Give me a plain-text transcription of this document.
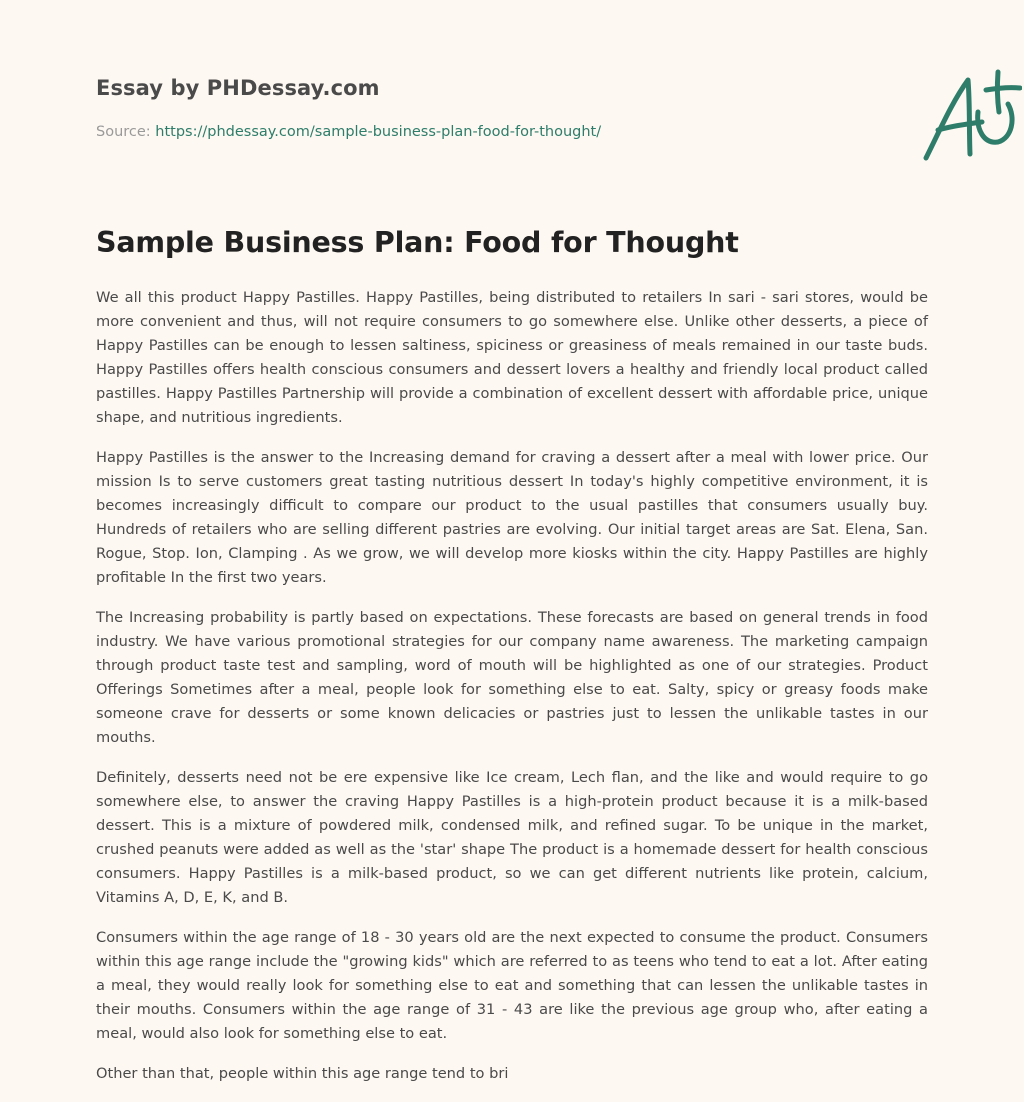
Essay by PHDessay.com
Source: https://phdessay.com/sample-business-plan-food-for-thought/
Sample Business Plan: Food for Thought

We all this product Happy Pastilles. Happy Pastilles, being distributed to retailers In sari - sari stores, would be more convenient and thus, will not require consumers to go somewhere else. Unlike other desserts, a piece of Happy Pastilles can be enough to lessen saltiness, spiciness or greasiness of meals remained in our taste buds. Happy Pastilles offers health conscious consumers and dessert lovers a healthy and friendly local product called pastilles. Happy Pastilles Partnership will provide a combination of excellent dessert with affordable price, unique shape, and nutritious ingredients.

Happy Pastilles is the answer to the Increasing demand for craving a dessert after a meal with lower price. Our mission Is to serve customers great tasting nutritious dessert In today's highly competitive environment, it is becomes increasingly difficult to compare our product to the usual pastilles that consumers usually buy. Hundreds of retailers who are selling different pastries are evolving. Our initial target areas are Sat. Elena, San. Rogue, Stop. Ion, Clamping . As we grow, we will develop more kiosks within the city. Happy Pastilles are highly profitable In the first two years.

The Increasing probability is partly based on expectations. These forecasts are based on general trends in food industry. We have various promotional strategies for our company name awareness. The marketing campaign through product taste test and sampling, word of mouth will be highlighted as one of our strategies. Product Offerings Sometimes after a meal, people look for something else to eat. Salty, spicy or greasy foods make someone crave for desserts or some known delicacies or pastries just to lessen the unlikable tastes in our mouths.

Definitely, desserts need not be ere expensive like Ice cream, Lech flan, and the like and would require to go somewhere else, to answer the craving Happy Pastilles is a high-protein product because it is a milk-based dessert. This is a mixture of powdered milk, condensed milk, and refined sugar. To be unique in the market, crushed peanuts were added as well as the 'star' shape The product is a homemade dessert for health conscious consumers. Happy Pastilles is a milk-based product, so we can get different nutrients like protein, calcium, Vitamins A, D, E, K, and B.

Consumers within the age range of 18 - 30 years old are the next expected to consume the product. Consumers within this age range include the "growing kids" which are referred to as teens who tend to eat a lot. After eating a meal, they would really look for something else to eat and something that can lessen the unlikable tastes in their mouths. Consumers within the age range of 31 - 43 are like the previous age group who, after eating a meal, would also look for something else to eat.

Other than that, people within this age range tend to bri
